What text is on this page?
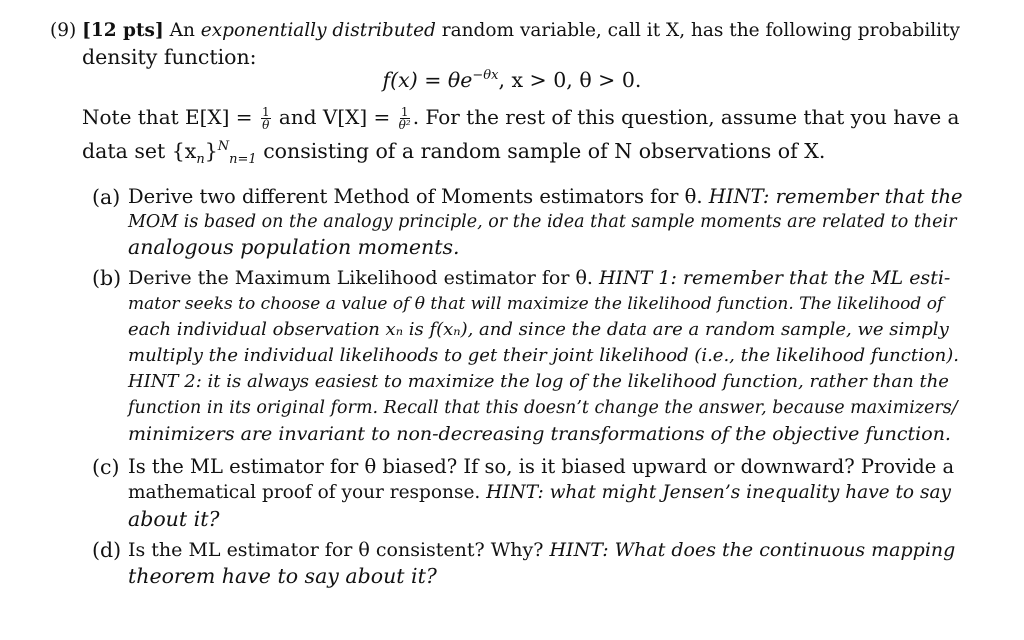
(9) [12 pts] An exponentially distributed random variable, call it X, has the following probability
density function:
$f(x) = \theta e^{-\theta x}$, x > 0, θ > 0.
Note that $E[X] = \frac{1}{\theta}$ and $V[X] = \frac{1}{\text{θ²}}$ . For the rest of this question, assume that you have a
data set $\{x_n\}^N_{n=1}$ consisting of a random sample of N observations of X.
(a) Derive two different Method of Moments estimators for θ. HINT: remember that the
MOM is based on the analogy principle, or the idea that sample moments are related to their
analogous population moments.
(b) Derive the Maximum Likelihood estimator for θ. HINT 1: remember that the ML esti-
mator seeks to choose a value of θ that will maximize the likelihood function. The likelihood of
each individual observation xₙ is f(xₙ), and since the data are a random sample, we simply
multiply the individual likelihoods to get their joint likelihood (i.e., the likelihood function).
HINT 2: it is always easiest to maximize the log of the likelihood function, rather than the
function in its original form. Recall that this doesn’t change the answer, because maximizers/
minimizers are invariant to non-decreasing transformations of the objective function.
(c) Is the ML estimator for θ biased? If so, is it biased upward or downward? Provide a
mathematical proof of your response. HINT: what might Jensen’s inequality have to say
about it?
(d) Is the ML estimator for θ consistent? Why? HINT: What does the continuous mapping
theorem have to say about it?
